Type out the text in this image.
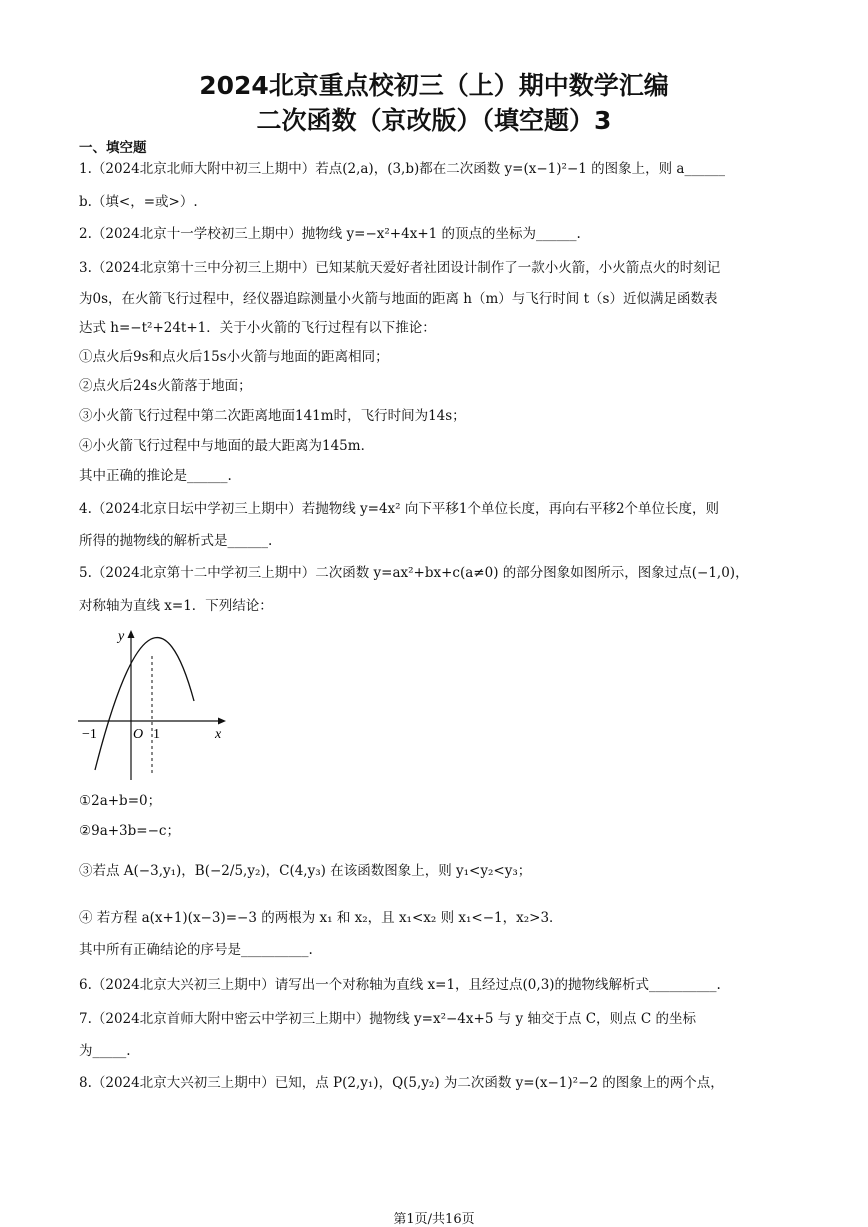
2024北京重点校初三（上）期中数学汇编
二次函数（京改版）（填空题）3
一、填空题
1.（2024北京北师大附中初三上期中）若点(2,a)，(3,b)都在二次函数 y=(x−1)²−1 的图象上，则 a______
b.（填<，=或>）.
2.（2024北京十一学校初三上期中）抛物线 y=−x²+4x+1 的顶点的坐标为______.
3.（2024北京第十三中分初三上期中）已知某航天爱好者社团设计制作了一款小火箭，小火箭点火的时刻记
为0s，在火箭飞行过程中，经仪器追踪测量小火箭与地面的距离 h（m）与飞行时间 t（s）近似满足函数表
达式 h=−t²+24t+1．关于小火箭的飞行过程有以下推论：
①点火后9s和点火后15s小火箭与地面的距离相同；
②点火后24s火箭落于地面；
③小火箭飞行过程中第二次距离地面141m时，飞行时间为14s；
④小火箭飞行过程中与地面的最大距离为145m．
其中正确的推论是______.
4.（2024北京日坛中学初三上期中）若抛物线 y=4x² 向下平移1个单位长度，再向右平移2个单位长度，则
所得的抛物线的解析式是______.
5.（2024北京第十二中学初三上期中）二次函数 y=ax²+bx+c(a≠0) 的部分图象如图所示，图象过点(−1,0)，
对称轴为直线 x=1．下列结论：
y
x
O
−1	1
①2a+b=0；
②9a+3b=−c；
③若点 A(−3,y₁)，B(−2/5,y₂)，C(4,y₃) 在该函数图象上，则 y₁<y₂<y₃；
④ 若方程 a(x+1)(x−3)=−3 的两根为 x₁ 和 x₂，且 x₁<x₂ 则 x₁<−1，x₂>3．
其中所有正确结论的序号是__________.
6.（2024北京大兴初三上期中）请写出一个对称轴为直线 x=1，且经过点(0,3)的抛物线解析式__________.
7.（2024北京首师大附中密云中学初三上期中）抛物线 y=x²−4x+5 与 y 轴交于点 C，则点 C 的坐标
为_____.
8.（2024北京大兴初三上期中）已知，点 P(2,y₁)，Q(5,y₂) 为二次函数 y=(x−1)²−2 的图象上的两个点，
第1页/共16页
